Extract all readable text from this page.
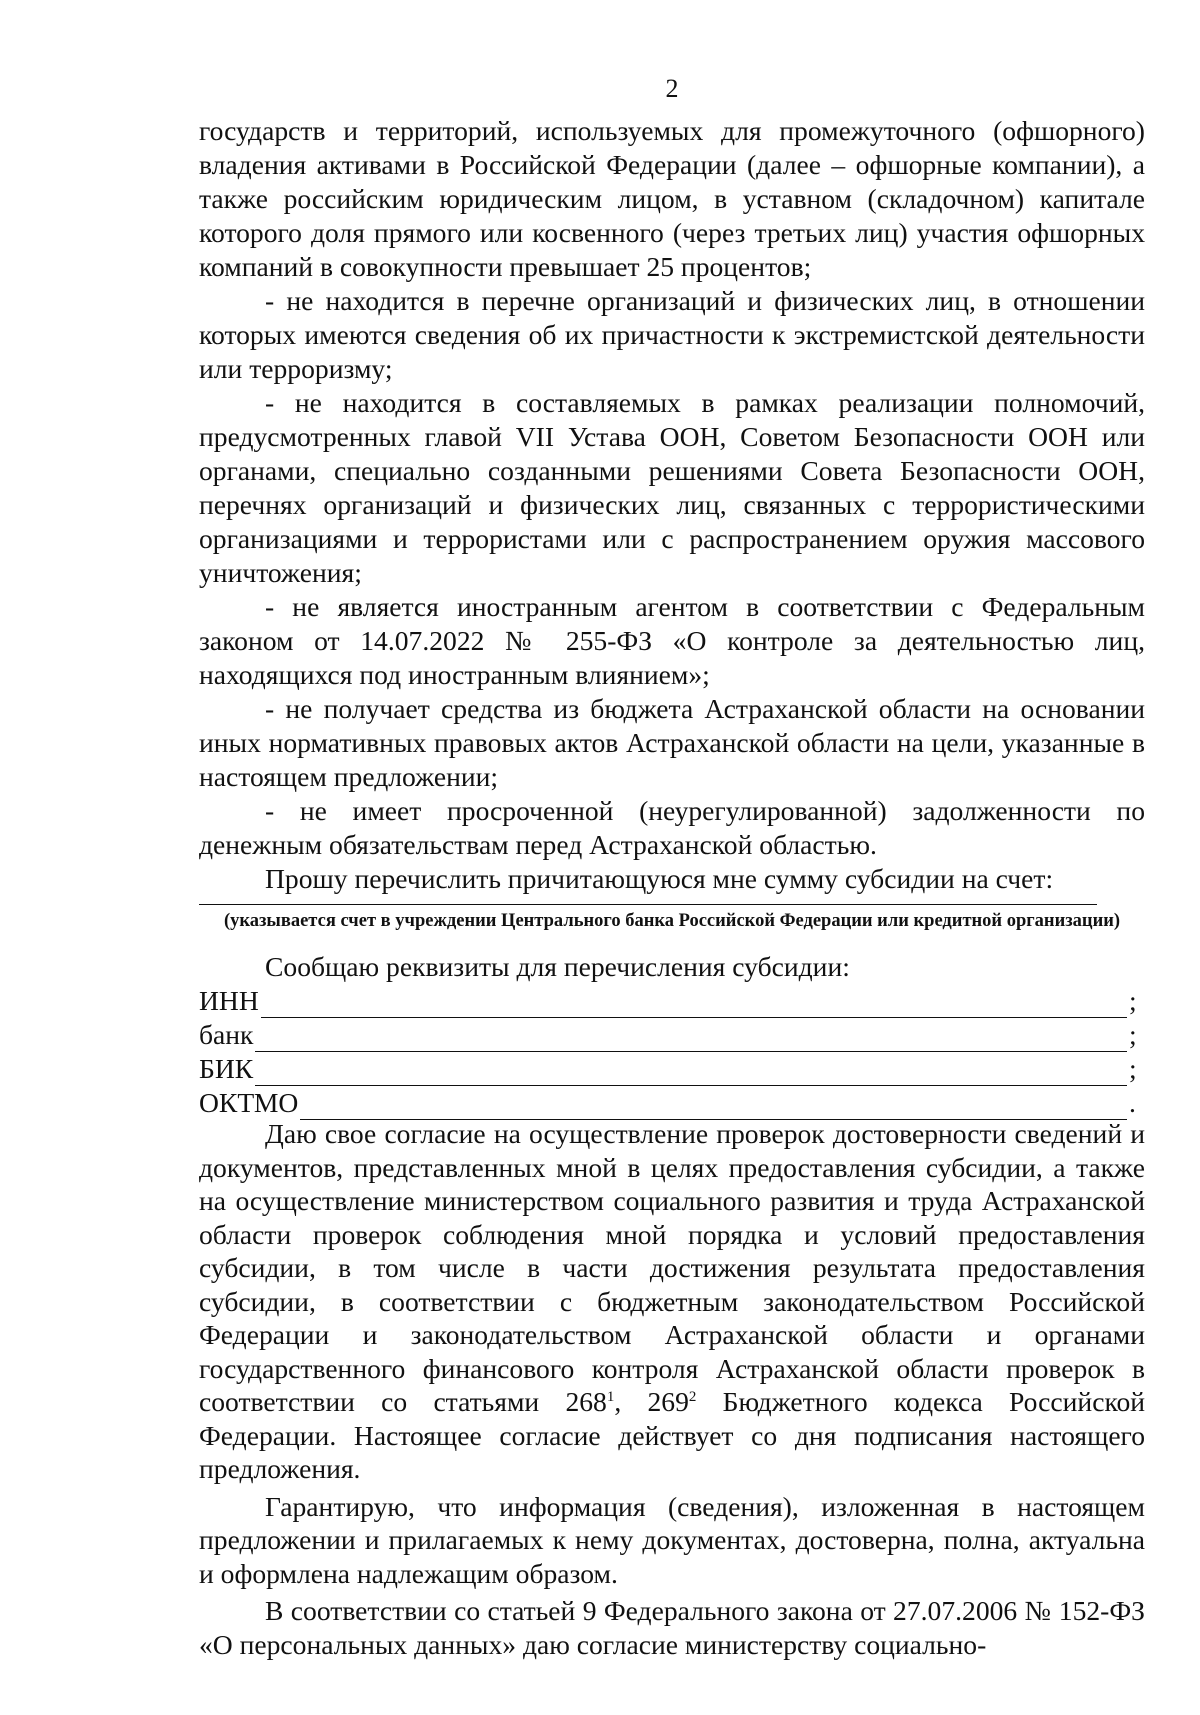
2

государств и территорий, используемых для промежуточного (офшорного) владения активами в Российской Федерации (далее – офшорные компании), а также российским юридическим лицом, в уставном (складочном) капитале которого доля прямого или косвенного (через третьих лиц) участия офшорных компаний в совокупности превышает 25 процентов;

- не находится в перечне организаций и физических лиц, в отношении которых имеются сведения об их причастности к экстремистской деятельности или терроризму;

- не находится в составляемых в рамках реализации полномочий, предусмотренных главой VII Устава ООН, Советом Безопасности ООН или органами, специально созданными решениями Совета Безопасности ООН, перечнях организаций и физических лиц, связанных с террористическими организациями и террористами или с распространением оружия массового уничтожения;

- не является иностранным агентом в соответствии с Федеральным законом от 14.07.2022 № 255-ФЗ «О контроле за деятельностью лиц, находящихся под иностранным влиянием»;

- не получает средства из бюджета Астраханской области на основании иных нормативных правовых актов Астраханской области на цели, указанные в настоящем предложении;

- не имеет просроченной (неурегулированной) задолженности по денежным обязательствам перед Астраханской областью.

Прошу перечислить причитающуюся мне сумму субсидии на счет:

(указывается счет в учреждении Центрального банка Российской Федерации или кредитной организации)

Сообщаю реквизиты для перечисления субсидии:

ИНН	;
банк	;
БИК	;
ОКТМО	.

Даю свое согласие на осуществление проверок достоверности сведений и документов, представленных мной в целях предоставления субсидии, а также на осуществление министерством социального развития и труда Астраханской области проверок соблюдения мной порядка и условий предоставления субсидии, в том числе в части достижения результата предоставления субсидии, в соответствии с бюджетным законодательством Российской Федерации и законодательством Астраханской области и органами государственного финансового контроля Астраханской области проверок в соответствии со статьями $268^1$, $269^2$ Бюджетного кодекса Российской Федерации. Настоящее согласие действует со дня подписания настоящего предложения.

Гарантирую, что информация (сведения), изложенная в настоящем предложении и прилагаемых к нему документах, достоверна, полна, актуальна и оформлена надлежащим образом.

В соответствии со статьей 9 Федерального закона от 27.07.2006 № 152-ФЗ «О персональных данных» даю согласие министерству социально-
